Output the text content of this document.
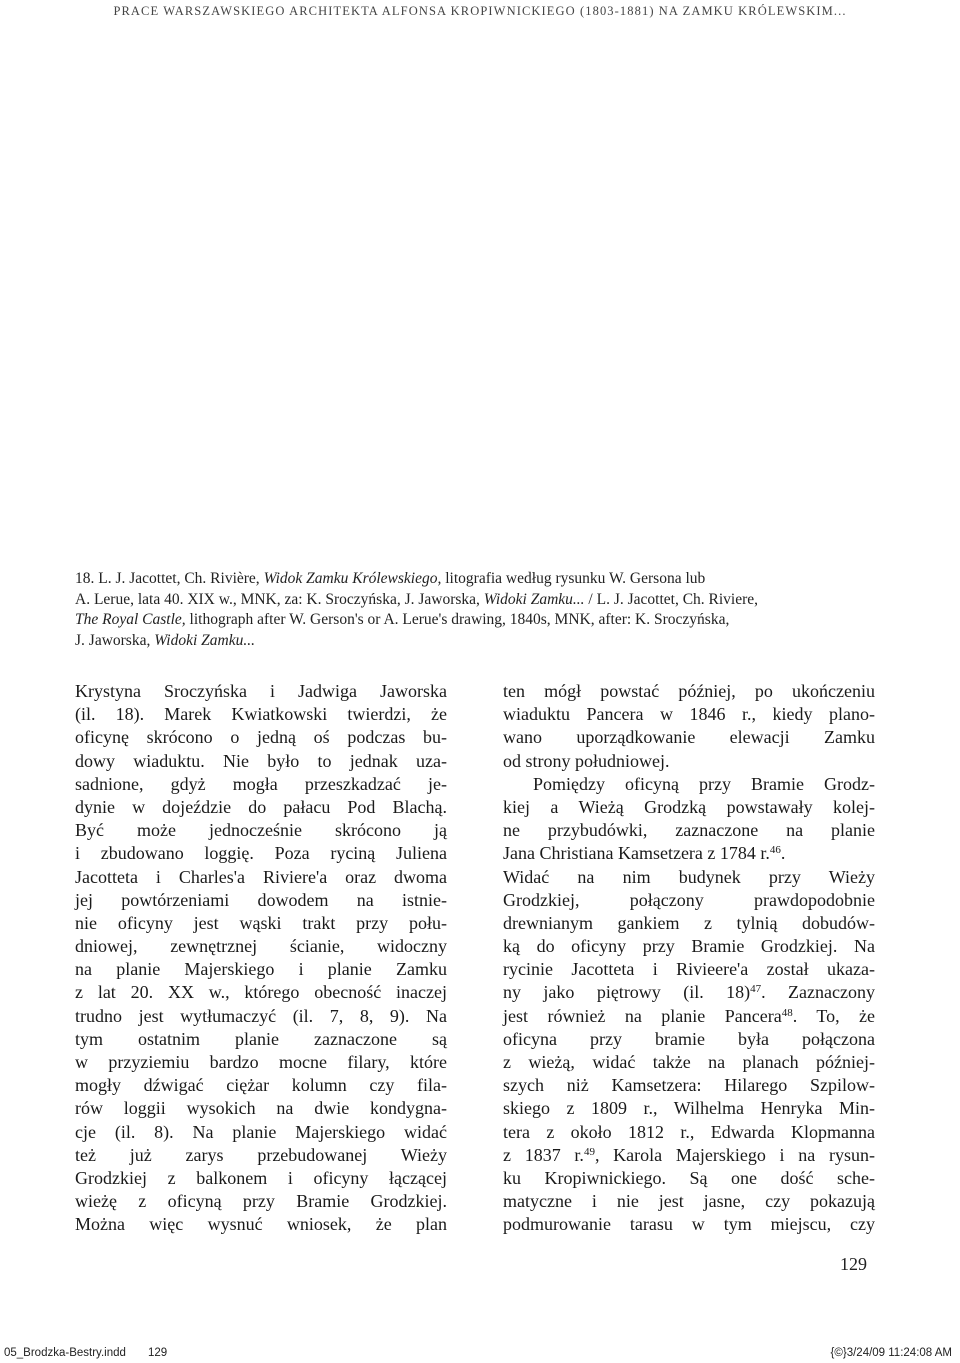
PRACE WARSZAWSKIEGO ARCHITEKTA ALFONSA KROPIWNICKIEGO (1803-1881) NA ZAMKU KRÓLEWSKIM...
18. L. J. Jacottet, Ch. Rivière, Widok Zamku Królewskiego, litografia według rysunku W. Gersona lub
A. Lerue, lata 40. XIX w., MNK, za: K. Sroczyńska, J. Jaworska, Widoki Zamku... / L. J. Jacottet, Ch. Riviere,
The Royal Castle, lithograph after W. Gerson's or A. Lerue's drawing, 1840s, MNK, after: K. Sroczyńska,
J. Jaworska, Widoki Zamku...
Krystyna Sroczyńska i Jadwiga Jaworska
(il. 18). Marek Kwiatkowski twierdzi, że
oficynę skrócono o jedną oś podczas bu-
dowy wiaduktu. Nie było to jednak uza-
sadnione, gdyż mogła przeszkadzać je-
dynie w dojeździe do pałacu Pod Blachą.
Być może jednocześnie skrócono ją
i zbudowano loggię. Poza ryciną Juliena
Jacotteta i Charles'a Riviere'a oraz dwoma
jej powtórzeniami dowodem na istnie-
nie oficyny jest wąski trakt przy połu-
dniowej, zewnętrznej ścianie, widoczny
na planie Majerskiego i planie Zamku
z lat 20. XX w., którego obecność inaczej
trudno jest wytłumaczyć (il. 7, 8, 9). Na
tym ostatnim planie zaznaczone są
w przyziemiu bardzo mocne filary, które
mogły dźwigać ciężar kolumn czy fila-
rów loggii wysokich na dwie kondygna-
cje (il. 8). Na planie Majerskiego widać
też już zarys przebudowanej Wieży
Grodzkiej z balkonem i oficyny łączącej
wieżę z oficyną przy Bramie Grodzkiej.
Można więc wysnuć wniosek, że plan
ten mógł powstać później, po ukończeniu
wiaduktu Pancera w 1846 r., kiedy plano-
wano uporządkowanie elewacji Zamku
od strony południowej.
Pomiędzy oficyną przy Bramie Grodz-
kiej a Wieżą Grodzką powstawały kolej-
ne przybudówki, zaznaczone na planie
Jana Christiana Kamsetzera z 1784 r.$^{46}$.
Widać na nim budynek przy Wieży
Grodzkiej, połączony prawdopodobnie
drewnianym gankiem z tylnią dobudów-
ką do oficyny przy Bramie Grodzkiej. Na
rycinie Jacotteta i Rivieere'a został ukaza-
ny jako piętrowy (il. 18)$^{47}$. Zaznaczony
jest również na planie Pancera$^{48}$. To, że
oficyna przy bramie była połączona
z wieżą, widać także na planach później-
szych niż Kamsetzera: Hilarego Szpilow-
skiego z 1809 r., Wilhelma Henryka Min-
tera z około 1812 r., Edwarda Klopmanna
z 1837 r.$^{49}$, Karola Majerskiego i na rysun-
ku Kropiwnickiego. Są one dość sche-
matyczne i nie jest jasne, czy pokazują
podmurowanie tarasu w tym miejscu, czy
129
05_Brodzka-Bestry.indd 129	{©}3/24/09 11:24:08 AM
